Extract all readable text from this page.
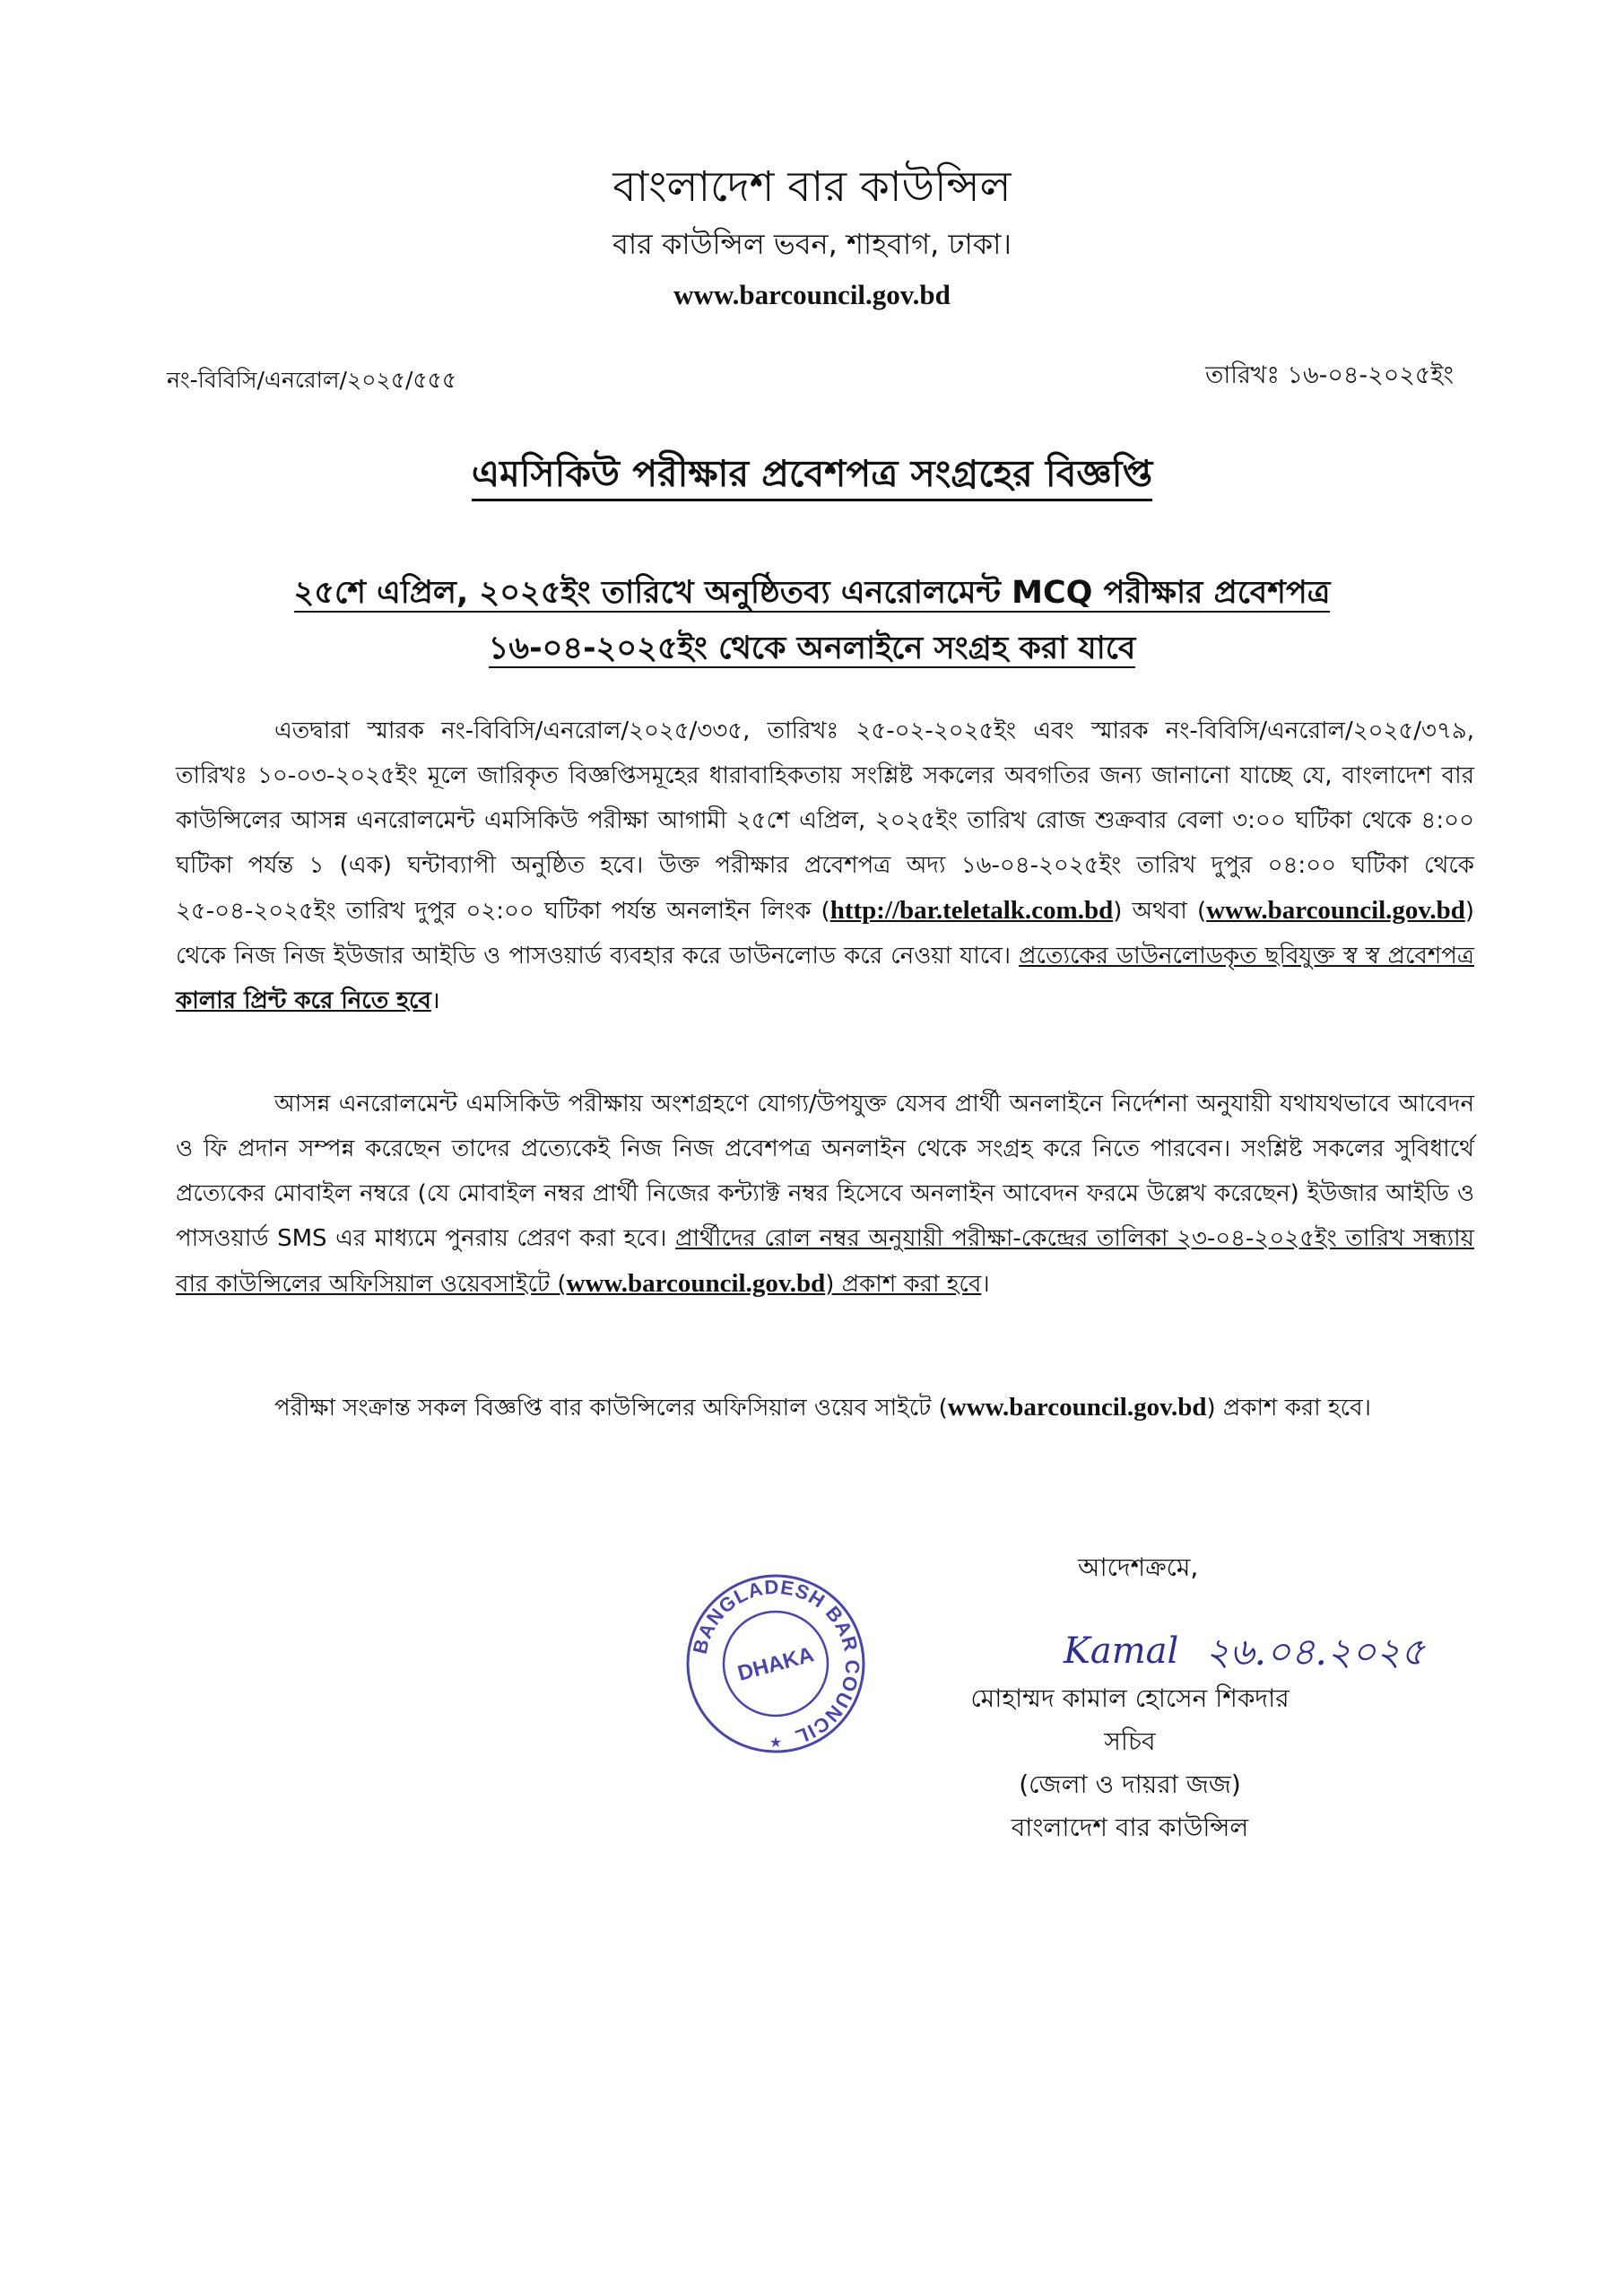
বাংলাদেশ বার কাউন্সিল
বার কাউন্সিল ভবন, শাহবাগ, ঢাকা।
www.barcouncil.gov.bd
নং-বিবিসি/এনরোল/২০২৫/৫৫৫	তারিখঃ ১৬-০৪-২০২৫ইং
এমসিকিউ পরীক্ষার প্রবেশপত্র সংগ্রহের বিজ্ঞপ্তি
২৫শে এপ্রিল, ২০২৫ইং তারিখে অনুষ্ঠিতব্য এনরোলমেন্ট MCQ পরীক্ষার প্রবেশপত্র
১৬-০৪-২০২৫ইং থেকে অনলাইনে সংগ্রহ করা যাবে
এতদ্বারা স্মারক নং-বিবিসি/এনরোল/২০২৫/৩৩৫, তারিখঃ ২৫-০২-২০২৫ইং এবং স্মারক নং-বিবিসি/এনরোল/২০২৫/৩৭৯, তারিখঃ ১০-০৩-২০২৫ইং মূলে জারিকৃত বিজ্ঞপ্তিসমূহের ধারাবাহিকতায় সংশ্লিষ্ট সকলের অবগতির জন্য জানানো যাচ্ছে যে, বাংলাদেশ বার কাউন্সিলের আসন্ন এনরোলমেন্ট এমসিকিউ পরীক্ষা আগামী ২৫শে এপ্রিল, ২০২৫ইং তারিখ রোজ শুক্রবার বেলা ৩:০০ ঘটিকা থেকে ৪:০০ ঘটিকা পর্যন্ত ১ (এক) ঘন্টাব্যাপী অনুষ্ঠিত হবে। উক্ত পরীক্ষার প্রবেশপত্র অদ্য ১৬-০৪-২০২৫ইং তারিখ দুপুর ০৪:০০ ঘটিকা থেকে ২৫-০৪-২০২৫ইং তারিখ দুপুর ০২:০০ ঘটিকা পর্যন্ত অনলাইন লিংক (http://bar.teletalk.com.bd) অথবা (www.barcouncil.gov.bd) থেকে নিজ নিজ ইউজার আইডি ও পাসওয়ার্ড ব্যবহার করে ডাউনলোড করে নেওয়া যাবে। প্রত্যেকের ডাউনলোডকৃত ছবিযুক্ত স্ব স্ব প্রবেশপত্র কালার প্রিন্ট করে নিতে হবে।
আসন্ন এনরোলমেন্ট এমসিকিউ পরীক্ষায় অংশগ্রহণে যোগ্য/উপযুক্ত যেসব প্রার্থী অনলাইনে নির্দেশনা অনুযায়ী যথাযথভাবে আবেদন ও ফি প্রদান সম্পন্ন করেছেন তাদের প্রত্যেকেই নিজ নিজ প্রবেশপত্র অনলাইন থেকে সংগ্রহ করে নিতে পারবেন। সংশ্লিষ্ট সকলের সুবিধার্থে প্রত্যেকের মোবাইল নম্বরে (যে মোবাইল নম্বর প্রার্থী নিজের কন্ট্যাক্ট নম্বর হিসেবে অনলাইন আবেদন ফরমে উল্লেখ করেছেন) ইউজার আইডি ও পাসওয়ার্ড SMS এর মাধ্যমে পুনরায় প্রেরণ করা হবে। প্রার্থীদের রোল নম্বর অনুযায়ী পরীক্ষা-কেন্দ্রের তালিকা ২৩-০৪-২০২৫ইং তারিখ সন্ধ্যায় বার কাউন্সিলের অফিসিয়াল ওয়েবসাইটে (www.barcouncil.gov.bd) প্রকাশ করা হবে।
পরীক্ষা সংক্রান্ত সকল বিজ্ঞপ্তি বার কাউন্সিলের অফিসিয়াল ওয়েব সাইটে (www.barcouncil.gov.bd) প্রকাশ করা হবে।
আদেশক্রমে,
BANGLADESH BAR COUNCIL
DHAKA
★
Kamal ২৬.০৪.২০২৫
মোহাম্মদ কামাল হোসেন শিকদার
সচিব
(জেলা ও দায়রা জজ)
বাংলাদেশ বার কাউন্সিল
